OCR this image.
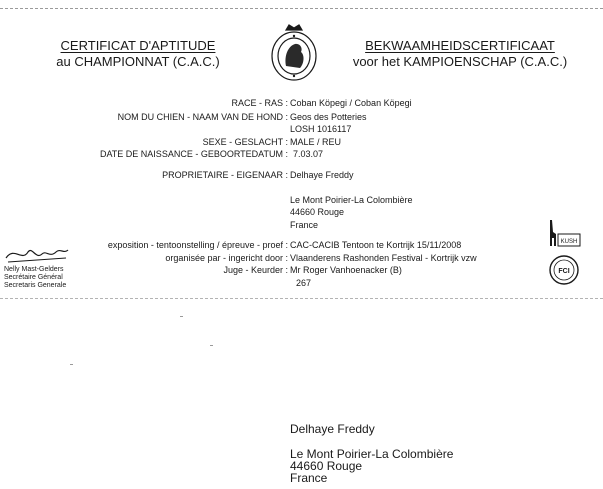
CERTIFICAT D'APTITUDE
au CHAMPIONNAT (C.A.C.)
BEKWAAMHEIDSCERTIFICAAT
voor het KAMPIOENSCHAP (C.A.C.)
RACE - RAS : Coban Köpegi / Coban Köpegi
NOM DU CHIEN - NAAM VAN DE HOND : Geos des Potteries
LOSH 1016117
SEXE - GESLACHT : MALE / REU
DATE DE NAISSANCE - GEBOORTEDATUM : 7.03.07
PROPRIETAIRE - EIGENAAR : Delhaye Freddy
Le Mont Poirier-La Colombière
44660 Rouge
France
exposition - tentoonstelling / épreuve - proef : CAC-CACIB Tentoon te Kortrijk 15/11/2008
organisée par - ingericht door : Vlaanderens Rashonden Festival - Kortrijk vzw
Juge - Keurder : Mr Roger Vanhoenacker (B)
267
Nelly Mast-Gelders
Secrétaire Général
Secretaris Generale
KUSH
FCI
Delhaye Freddy
Le Mont Poirier-La Colombière
44660 Rouge
France
